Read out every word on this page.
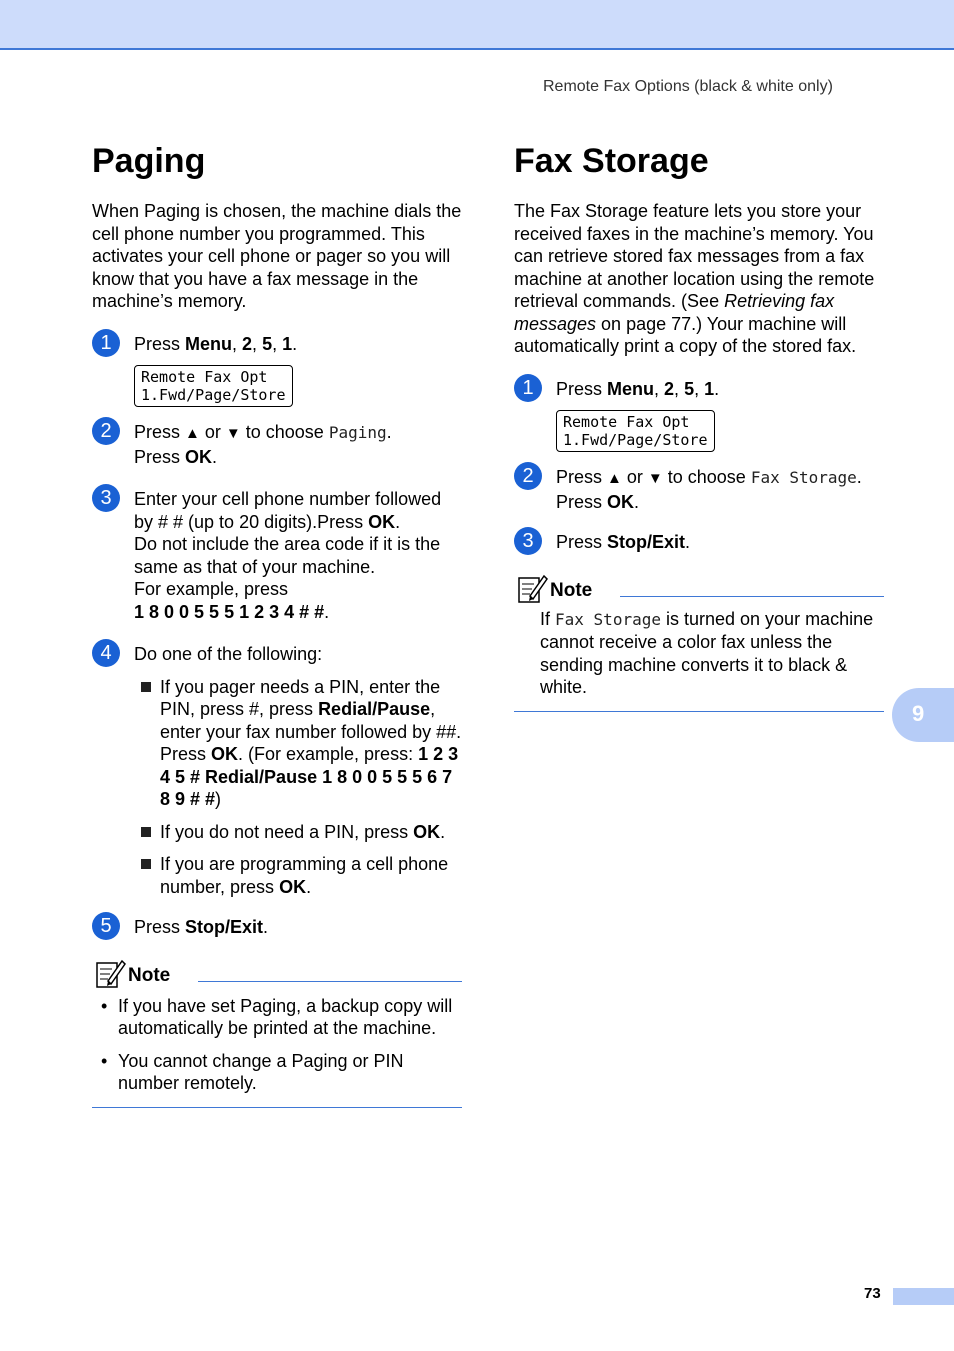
Remote Fax Options (black & white only)
Paging
When Paging is chosen, the machine dials the cell phone number you programmed. This activates your cell phone or pager so you will know that you have a fax message in the machine’s memory.
1	Press Menu, 2, 5, 1.
Remote Fax Opt
1.Fwd/Page/Store
2	Press ▲ or ▼ to choose Paging.
Press OK.
3	Enter your cell phone number followed by # # (up to 20 digits).Press OK.
Do not include the area code if it is the same as that of your machine.
For example, press
1 8 0 0 5 5 5 1 2 3 4 # #.
4	Do one of the following:
If you pager needs a PIN, enter the PIN, press #, press Redial/Pause, enter your fax number followed by ##. Press OK. (For example, press: 1 2 3 4 5 # Redial/Pause 1 8 0 0 5 5 5 6 7 8 9 # #)
If you do not need a PIN, press OK.
If you are programming a cell phone number, press OK.
5	Press Stop/Exit.
Note
• If you have set Paging, a backup copy will automatically be printed at the machine.
• You cannot change a Paging or PIN number remotely.
Fax Storage
The Fax Storage feature lets you store your received faxes in the machine’s memory. You can retrieve stored fax messages from a fax machine at another location using the remote retrieval commands. (See Retrieving fax messages on page 77.) Your machine will automatically print a copy of the stored fax.
1	Press Menu, 2, 5, 1.
Remote Fax Opt
1.Fwd/Page/Store
2	Press ▲ or ▼ to choose Fax Storage.
Press OK.
3	Press Stop/Exit.
Note
If Fax Storage is turned on your machine cannot receive a color fax unless the sending machine converts it to black & white.
9
73
